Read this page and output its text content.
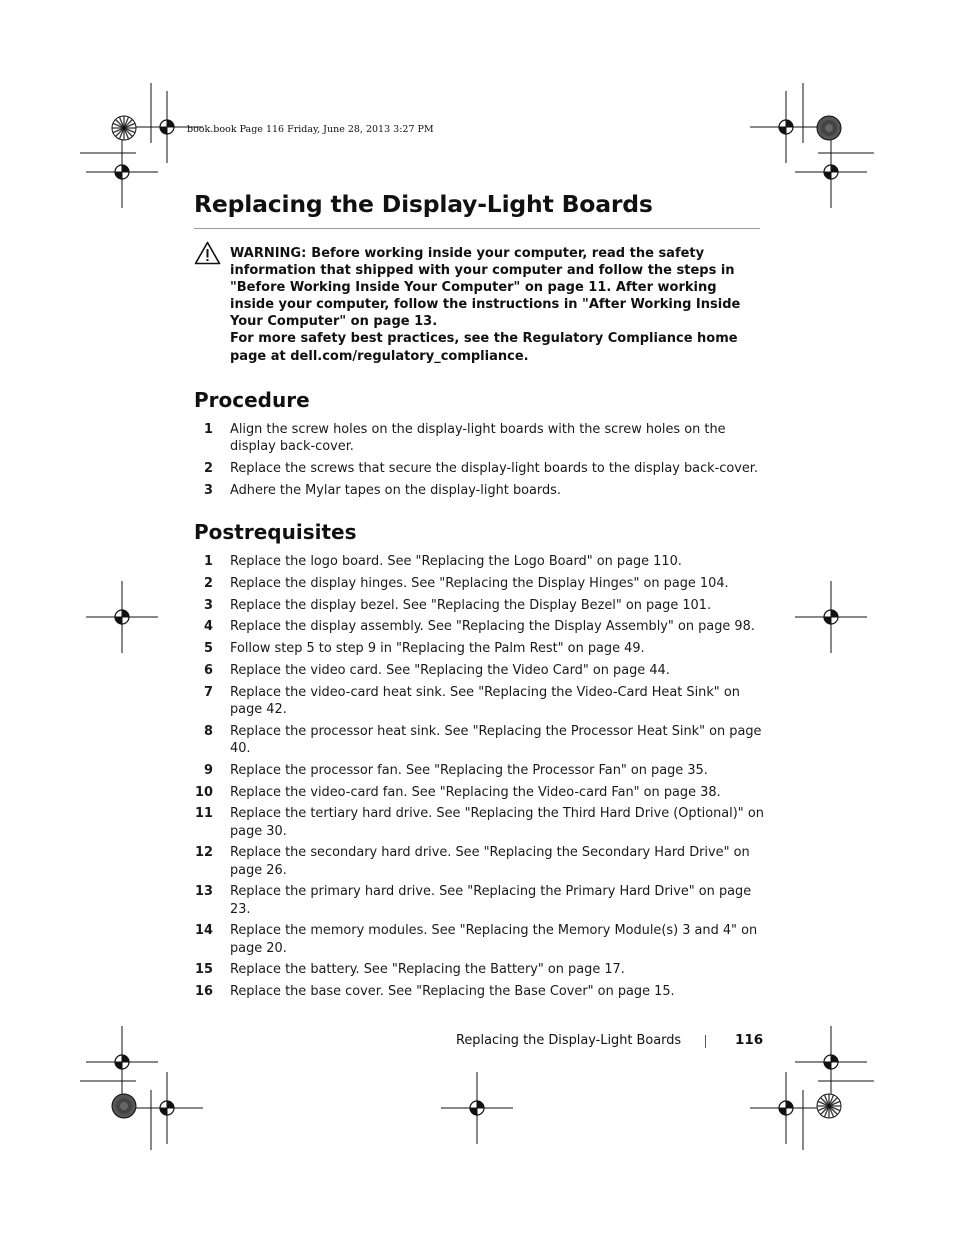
book.book Page 116 Friday, June 28, 2013 3:27 PM
Replacing the Display-Light Boards

WARNING: Before working inside your computer, read the safety information that shipped with your computer and follow the steps in "Before Working Inside Your Computer" on page 11. After working inside your computer, follow the instructions in "After Working Inside Your Computer" on page 13.

For more safety best practices, see the Regulatory Compliance home page at dell.com/regulatory_compliance.

Procedure
1 Align the screw holes on the display-light boards with the screw holes on the display back-cover.
2 Replace the screws that secure the display-light boards to the display back-cover.
3 Adhere the Mylar tapes on the display-light boards.
Postrequisites
1 Replace the logo board. See "Replacing the Logo Board" on page 110.
2 Replace the display hinges. See "Replacing the Display Hinges" on page 104.
3 Replace the display bezel. See "Replacing the Display Bezel" on page 101.
4 Replace the display assembly. See "Replacing the Display Assembly" on page 98.
5 Follow step 5 to step 9 in "Replacing the Palm Rest" on page 49.
6 Replace the video card. See "Replacing the Video Card" on page 44.
7 Replace the video-card heat sink. See "Replacing the Video-Card Heat Sink" on page 42.
8 Replace the processor heat sink. See "Replacing the Processor Heat Sink" on page 40.
9 Replace the processor fan. See "Replacing the Processor Fan" on page 35.
10 Replace the video-card fan. See "Replacing the Video-card Fan" on page 38.
11 Replace the tertiary hard drive. See "Replacing the Third Hard Drive (Optional)" on page 30.
12 Replace the secondary hard drive. See "Replacing the Secondary Hard Drive" on page 26.
13 Replace the primary hard drive. See "Replacing the Primary Hard Drive" on page 23.
14 Replace the memory modules. See "Replacing the Memory Module(s) 3 and 4" on page 20.
15 Replace the battery. See "Replacing the Battery" on page 17.
16 Replace the base cover. See "Replacing the Base Cover" on page 15.
Replacing the Display-Light Boards	116
